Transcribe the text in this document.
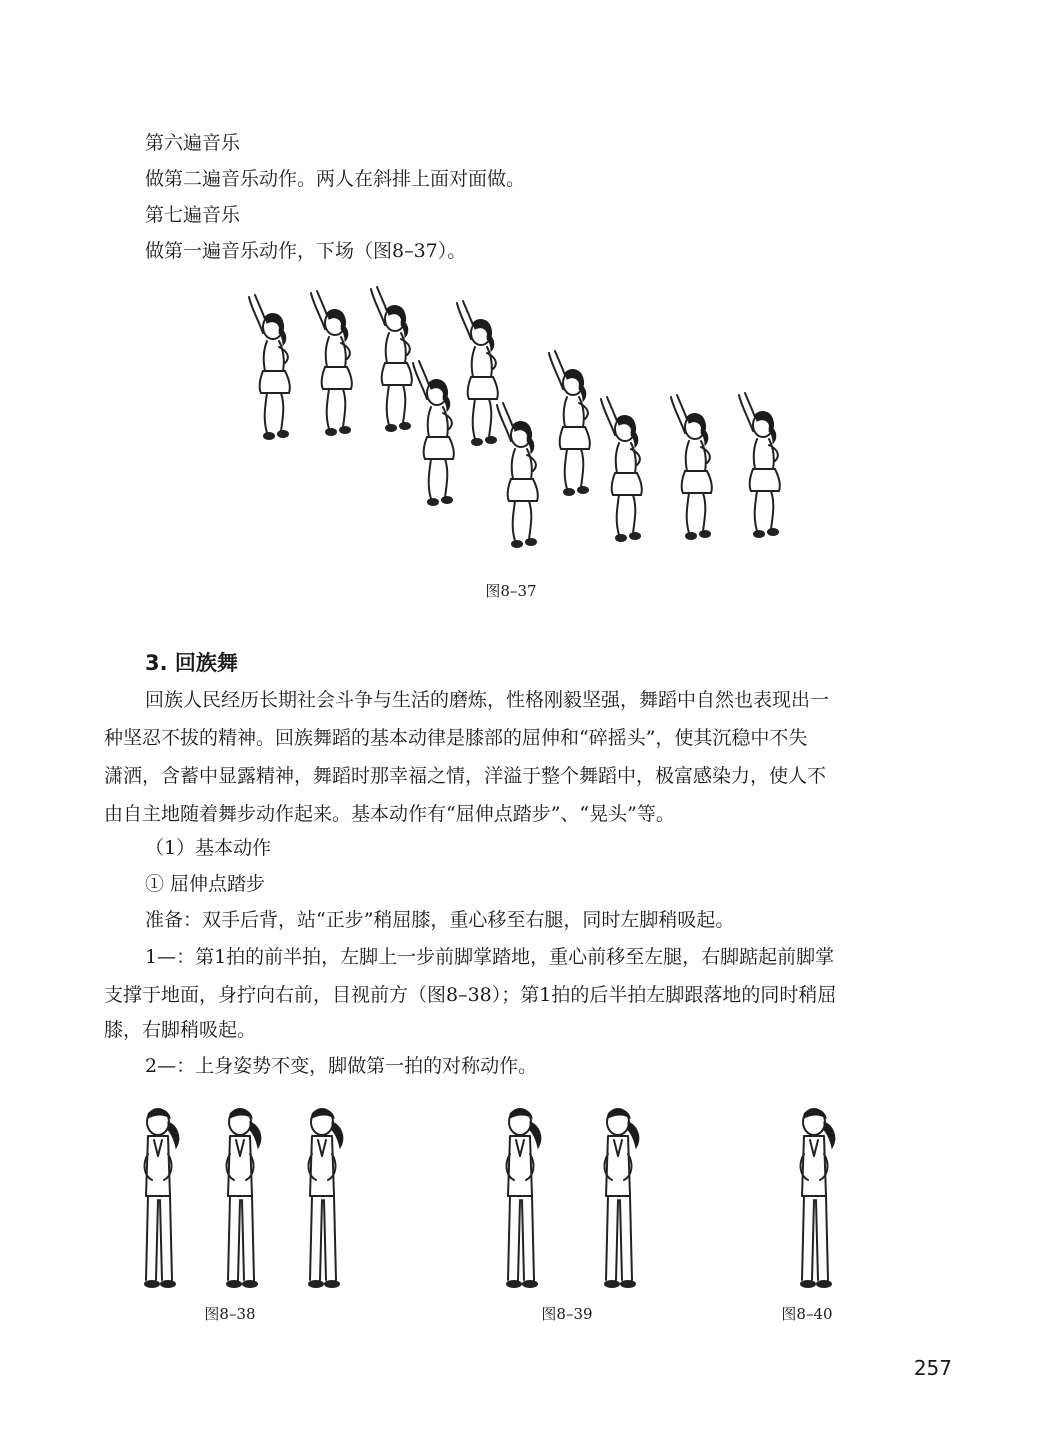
第六遍音乐
做第二遍音乐动作。两人在斜排上面对面做。
第七遍音乐
做第一遍音乐动作，下场（图8–37）。
图8–37
3. 回族舞
回族人民经历长期社会斗争与生活的磨炼，性格刚毅坚强，舞蹈中自然也表现出一
种坚忍不拔的精神。回族舞蹈的基本动律是膝部的屈伸和“碎摇头”，使其沉稳中不失
潇洒，含蓄中显露精神，舞蹈时那幸福之情，洋溢于整个舞蹈中，极富感染力，使人不
由自主地随着舞步动作起来。基本动作有“屈伸点踏步”、“晃头”等。
（1）基本动作
① 屈伸点踏步
准备：双手后背，站“正步”稍屈膝，重心移至右腿，同时左脚稍吸起。
1—：第1拍的前半拍，左脚上一步前脚掌踏地，重心前移至左腿，右脚踮起前脚掌
支撑于地面，身拧向右前，目视前方（图8–38）；第1拍的后半拍左脚跟落地的同时稍屈
膝，右脚稍吸起。
2—：上身姿势不变，脚做第一拍的对称动作。
图8–38	图8–39	图8–40
257
